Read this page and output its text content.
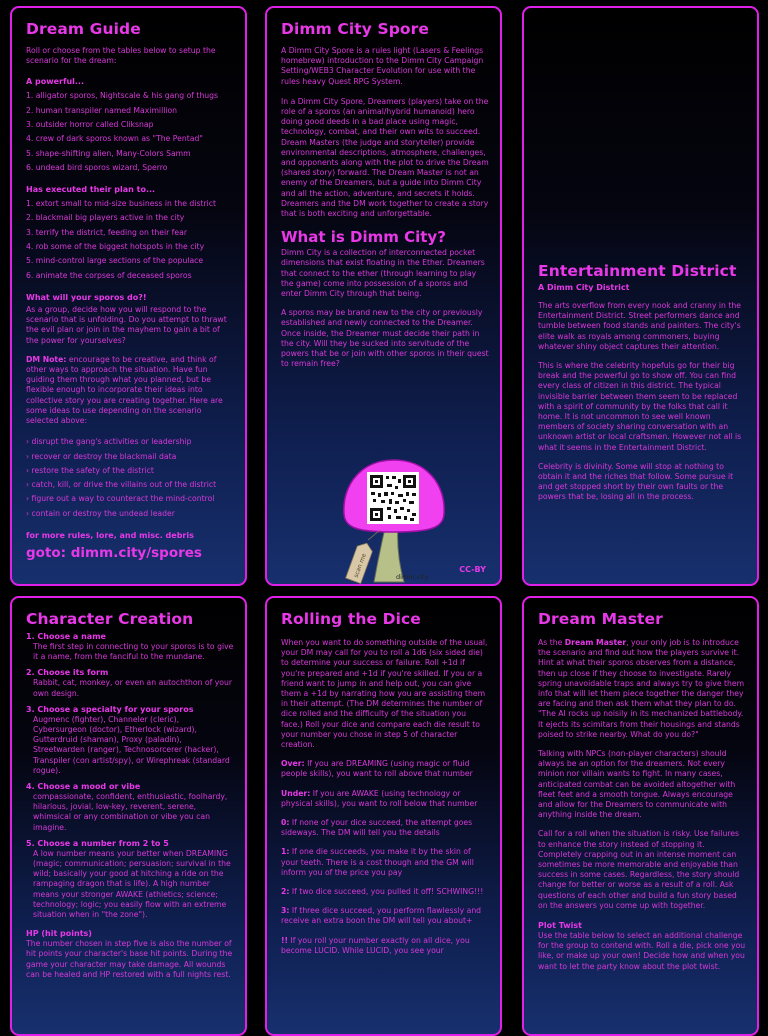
Dream Guide

Roll or choose from the tables below to setup the scenario for the dream:

A powerful...
1. alligator sporos, Nightscale & his gang of thugs
2. human transpiler named Maximillion
3. outsider horror called Cliksnap
4. crew of dark sporos known as "The Pentad"
5. shape-shifting alien, Many-Colors Samm
6. undead bird sporos wizard, Sperro
Has executed their plan to...
1. extort small to mid-size business in the district
2. blackmail big players active in the city
3. terrify the district, feeding on their fear
4. rob some of the biggest hotspots in the city
5. mind-control large sections of the populace
6. animate the corpses of deceased sporos
What will your sporos do?!

As a group, decide how you will respond to the scenario that is unfolding. Do you attempt to thrawt the evil plan or join in the mayhem to gain a bit of the power for yourselves?

DM Note: encourage to be creative, and think of other ways to approach the situation. Have fun guiding them through what you planned, but be flexible enough to incorporate their ideas into collective story you are creating together. Here are some ideas to use depending on the scenario selected above:

› disrupt the gang's activities or leadership
› recover or destroy the blackmail data
› restore the safety of the district
› catch, kill, or drive the villains out of the district
› figure out a way to counteract the mind-control
› contain or destroy the undead leader
for more rules, lore, and misc. debris
goto: dimm.city/spores
Dimm City Spore

A Dimm City Spore is a rules light (Lasers & Feelings homebrew) introduction to the Dimm City Campaign Setting/WEB3 Character Evolution for use with the rules heavy Quest RPG System.

In a Dimm City Spore, Dreamers (players) take on the role of a sporos (an animal/hybrid humanoid) hero doing good deeds in a bad place using magic, technology, combat, and their own wits to succeed. Dream Masters (the judge and storyteller) provide environmental descriptions, atmosphere, challenges, and opponents along with the plot to drive the Dream (shared story) forward. The Dream Master is not an enemy of the Dreamers, but a guide into Dimm City and all the action, adventure, and secrets it holds. Dreamers and the DM work together to create a story that is both exciting and unforgettable.

What is Dimm City?

Dimm City is a collection of interconnected pocket dimensions that exist floating in the Ether. Dreamers that connect to the ether (through learning to play the game) come into possession of a sporos and enter Dimm City through that being.

A sporos may be brand new to the city or previously established and newly connected to the Dreamer. Once inside, the Dreamer must decide their path in the city. Will they be sucked into servitude of the powers that be or join with other sporos in their quest to remain free?

scan me	dimm.city
CC-BY
Entertainment District
A Dimm City District

The arts overflow from every nook and cranny in the Entertainment District. Street performers dance and tumble between food stands and painters. The city's elite walk as royals among commoners, buying whatever shiny object captures their attention.

This is where the celebrity hopefuls go for their big break and the powerful go to show off. You can find every class of citizen in this district. The typical invisible barrier between them seem to be replaced with a spirit of community by the folks that call it home. It is not uncommon to see well known members of society sharing conversation with an unknown artist or local craftsmen. However not all is what it seems in the Entertainment District.

Celebrity is divinity. Some will stop at nothing to obtain it and the riches that follow. Some pursue it and get stopped short by their own faults or the powers that be, losing all in the process.

Character Creation
1. Choose a name

The first step in connecting to your sporos is to give it a name, from the fanciful to the mundane.

2. Choose its form

Rabbit, cat, monkey, or even an autochthon of your own design.

3. Choose a specialty for your sporos

Augmenc (fighter), Channeler (cleric), Cybersurgeon (doctor), Etherlock (wizard), Gutterdruid (shaman), Proxy (paladin), Streetwarden (ranger), Technosorcerer (hacker), Transpiler (con artist/spy), or Wirephreak (standard rogue).

4. Choose a mood or vibe

compassionate, confident, enthusiastic, foolhardy, hilarious, jovial, low-key, reverent, serene, whimsical or any combination or vibe you can imagine.

5. Choose a number from 2 to 5

A low number means your better when DREAMING (magic; communication; persuasion; survival in the wild; basically your good at hitching a ride on the rampaging dragon that is life). A high number means your stronger AWAKE (athletics; science; technology; logic; you easily flow with an extreme situation when in "the zone").

HP (hit points)

The number chosen in step five is also the number of hit points your character's base hit points. During the game your character may take damage. All wounds can be healed and HP restored with a full nights rest.

Rolling the Dice

When you want to do something outside of the usual, your DM may call for you to roll a 1d6 (six sided die) to determine your success or failure. Roll +1d if you're prepared and +1d if you're skilled. If you or a friend want to jump in and help out, you can give them a +1d by narrating how you are assisting them in their attempt. (The DM determines the number of dice rolled and the difficulty of the situation you face.) Roll your dice and compare each die result to your number you chose in step 5 of character creation.

Over: If you are DREAMING (using magic or fluid people skills), you want to roll above that number

Under: If you are AWAKE (using technology or physical skills), you want to roll below that number

0: If none of your dice succeed, the attempt goes sideways. The DM will tell you the details

1: If one die succeeds, you make it by the skin of your teeth. There is a cost though and the GM will inform you of the price you pay

2: If two dice succeed, you pulled it off! SCHWING!!!

3: If three dice succeed, you perform flawlessly and receive an extra boon the DM will tell you about+

!! If you roll your number exactly on all dice, you become LUCID. While LUCID, you see your

Dream Master

As the Dream Master, your only job is to introduce the scenario and find out how the players survive it. Hint at what their sporos observes from a distance, then up close if they choose to investigate. Rarely spring unavoidable traps and always try to give them info that will let them piece together the danger they are facing and then ask them what they plan to do. "The AI rocks up noisily in its mechanized battlebody. It ejects its scimitars from their housings and stands poised to strike nearby. What do you do?"

Talking with NPCs (non-player characters) should always be an option for the dreamers. Not every minion nor villain wants to fight. In many cases, anticipated combat can be avoided altogether with fleet feet and a smooth tongue. Always encourage and allow for the Dreamers to communicate with anything inside the dream.

Call for a roll when the situation is risky. Use failures to enhance the story instead of stopping it. Completely crapping out in an intense moment can sometimes be more memorable and enjoyable than success in some cases. Regardless, the story should change for better or worse as a result of a roll. Ask questions of each other and build a fun story based on the answers you come up with together.

Plot Twist

Use the table below to select an additional challenge for the group to contend with. Roll a die, pick one you like, or make up your own! Decide how and when you want to let the party know about the plot twist.
